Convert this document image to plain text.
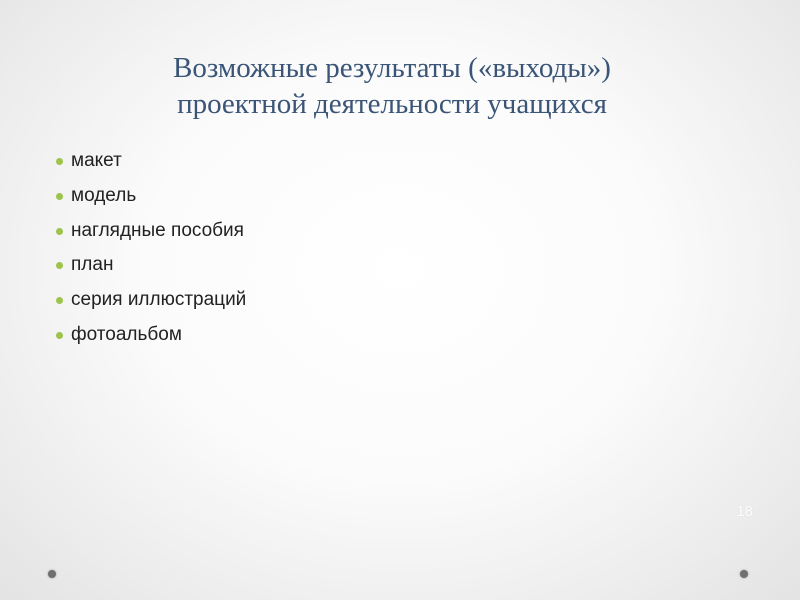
Возможные результаты («выходы»)
проектной деятельности учащихся
макет
модель
наглядные пособия
план
серия иллюстраций
фотоальбом
18
